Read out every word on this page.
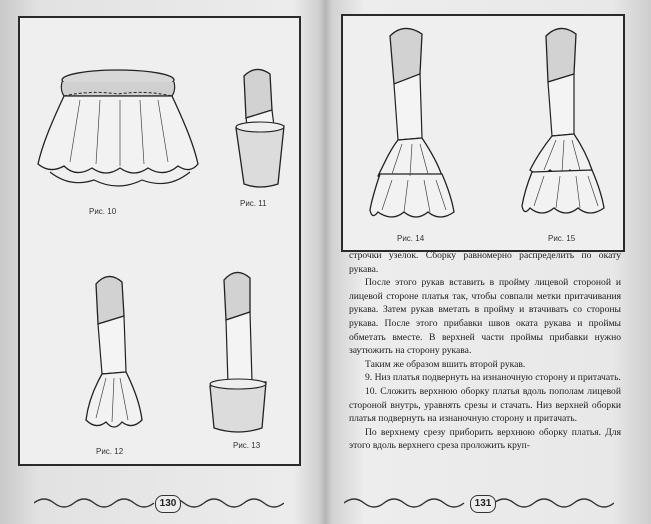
Рис. 10
Рис. 11
Рис. 12
Рис. 13
130
Рис. 14	Рис. 15

строчки узелок. Сборку равномерно распределить по окату рукава.

После этого рукав вставить в пройму лицевой стороной и лицевой стороне платья так, чтобы совпали метки притачивания рукава. Затем рукав вметать в пройму и втачивать со стороны рукава. После этого прибавки швов оката рукава и проймы обметать вместе. В верхней части проймы прибавки нужно заутюжить на сторону рукава.

Таким же образом вшить второй рукав.

9. Низ платья подвернуть на изнаночную сторону и притачать.

10. Сложить верхнюю оборку платья вдоль пополам лицевой стороной внутрь, уравнять срезы и стачать. Низ верхней оборки платья подвернуть на изнаночную сторону и притачать.

По верхнему срезу приборить верхнюю оборку платья. Для этого вдоль верхнего среза проложить круп-

131
